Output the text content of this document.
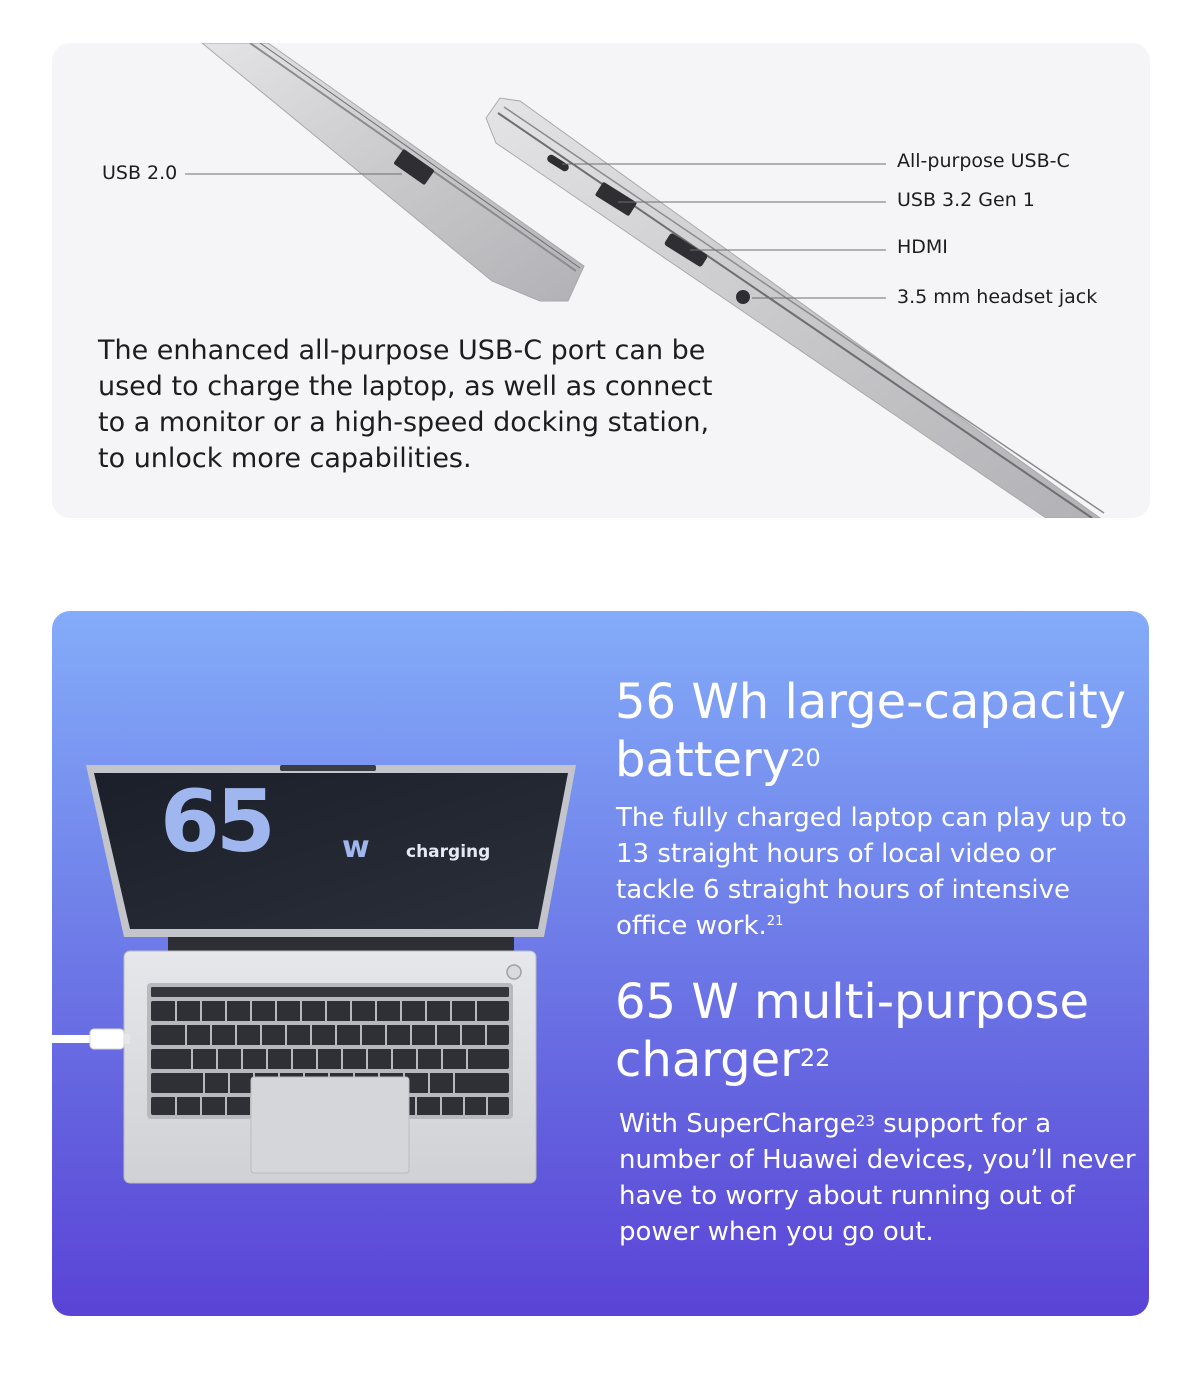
USB 2.0
All-purpose USB-C
USB 3.2 Gen 1
HDMI
3.5 mm headset jack

The enhanced all-purpose USB-C port can be used to charge the laptop, as well as connect to a monitor or a high-speed docking station, to unlock more capabilities.

65 w charging
56 Wh large-capacity
battery$^{20}$

The fully charged laptop can play up to 13 straight hours of local video or tackle 6 straight hours of intensive office work.$^{21}$

65 W multi-purpose
charger$^{22}$

With SuperCharge$^{23}$ support for a number of Huawei devices, you’ll never have to worry about running out of power when you go out.
